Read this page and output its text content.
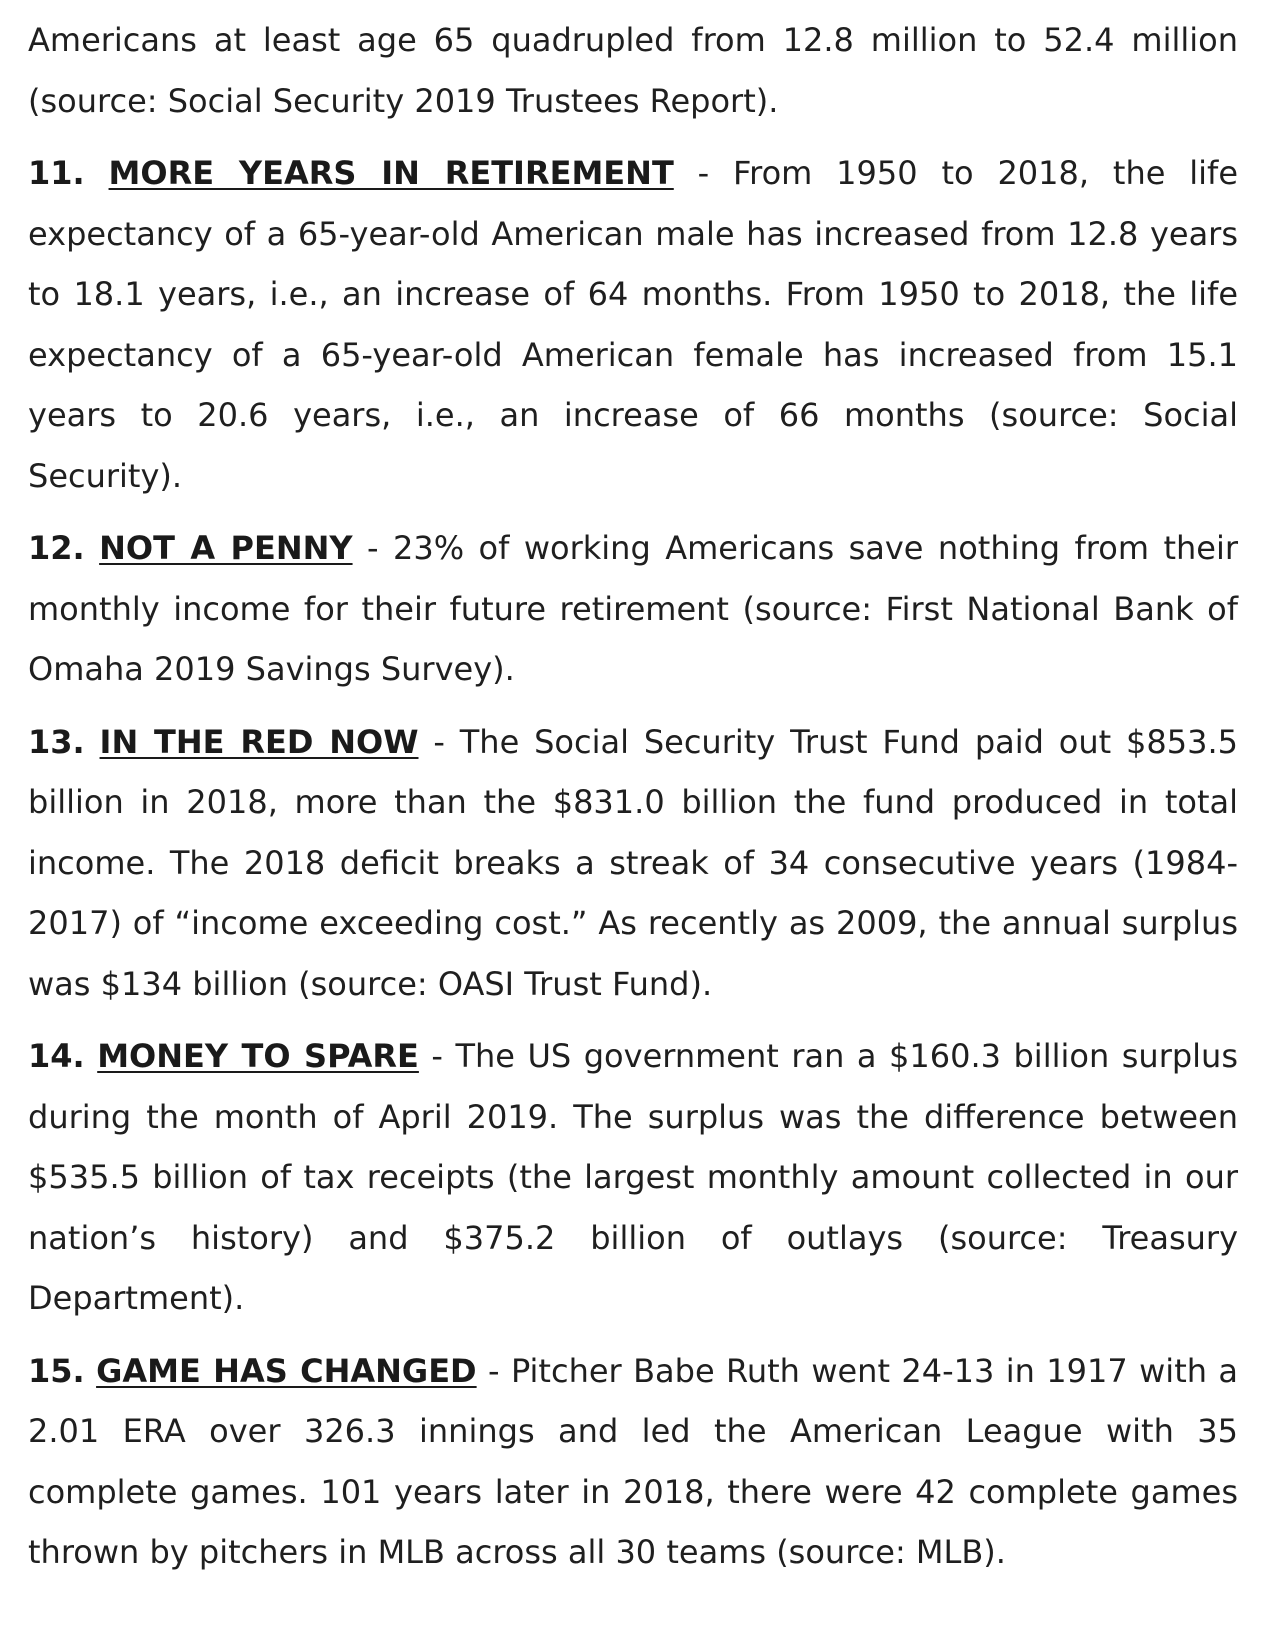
Americans at least age 65 quadrupled from 12.8 million to 52.4 million (source: Social Security 2019 Trustees Report).

11. MORE YEARS IN RETIREMENT - From 1950 to 2018, the life expectancy of a 65-year-old American male has increased from 12.8 years to 18.1 years, i.e., an increase of 64 months. From 1950 to 2018, the life expectancy of a 65-year-old American female has increased from 15.1 years to 20.6 years, i.e., an increase of 66 months (source: Social Security).

12. NOT A PENNY - 23% of working Americans save nothing from their monthly income for their future retirement (source: First National Bank of Omaha 2019 Savings Survey).

13. IN THE RED NOW - The Social Security Trust Fund paid out $853.5 billion in 2018, more than the $831.0 billion the fund produced in total income. The 2018 deficit breaks a streak of 34 consecutive years (1984-2017) of “income exceeding cost.” As recently as 2009, the annual surplus was $134 billion (source: OASI Trust Fund).

14. MONEY TO SPARE - The US government ran a $160.3 billion surplus during the month of April 2019. The surplus was the difference between $535.5 billion of tax receipts (the largest monthly amount collected in our nation’s history) and $375.2 billion of outlays (source: Treasury Department).

15. GAME HAS CHANGED - Pitcher Babe Ruth went 24-13 in 1917 with a 2.01 ERA over 326.3 innings and led the American League with 35 complete games. 101 years later in 2018, there were 42 complete games thrown by pitchers in MLB across all 30 teams (source: MLB).
